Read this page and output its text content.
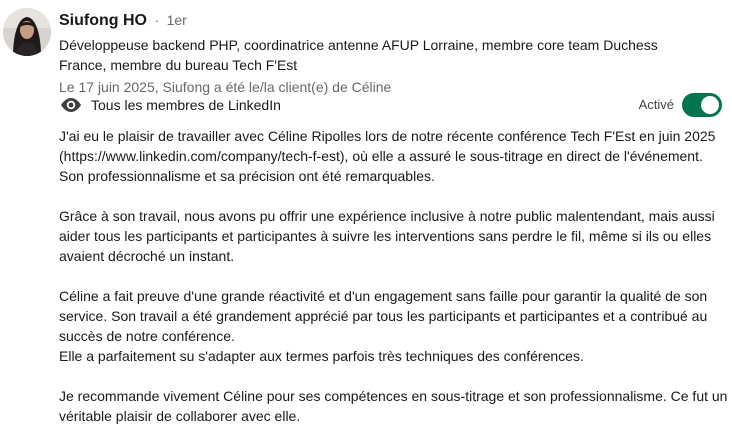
Siufong HO · 1er
Développeuse backend PHP, coordinatrice antenne AFUP Lorraine, membre core team Duchess France, membre du bureau Tech F'Est
Le 17 juin 2025, Siufong a été le/la client(e) de Céline
Tous les membres de LinkedIn	Activé
J'ai eu le plaisir de travailler avec Céline Ripolles lors de notre récente conférence Tech F'Est en juin 2025
(https://www.linkedin.com/company/tech-f-est), où elle a assuré le sous-titrage en direct de l'événement.
Son professionnalisme et sa précision ont été remarquables.
Grâce à son travail, nous avons pu offrir une expérience inclusive à notre public malentendant, mais aussi
aider tous les participants et participantes à suivre les interventions sans perdre le fil, même si ils ou elles
avaient décroché un instant.
Céline a fait preuve d'une grande réactivité et d'un engagement sans faille pour garantir la qualité de son
service. Son travail a été grandement apprécié par tous les participants et participantes et a contribué au
succès de notre conférence.
Elle a parfaitement su s'adapter aux termes parfois très techniques des conférences.
Je recommande vivement Céline pour ses compétences en sous-titrage et son professionnalisme. Ce fut un
véritable plaisir de collaborer avec elle.
